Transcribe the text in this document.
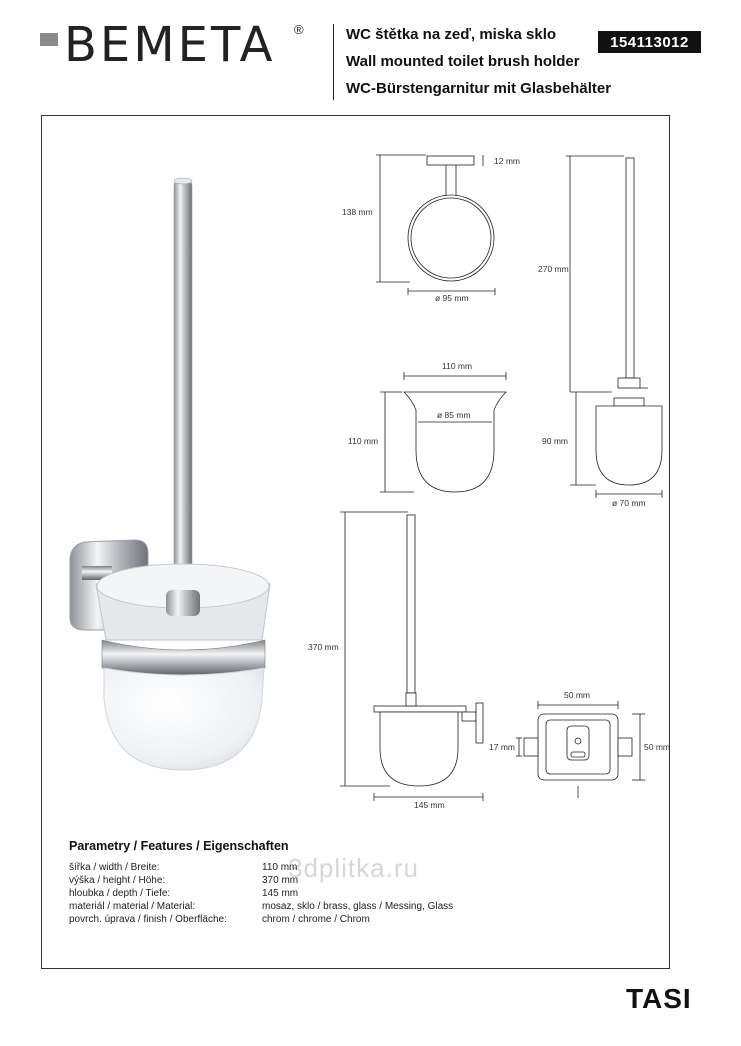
BEMETA ®	WC štětka na zeď, miska sklo
Wall mounted toilet brush holder
WC-Bürstengarnitur mit Glasbehälter
154113012
138 mm
12 mm
ø 95 mm
270 mm
90 mm
ø 70 mm
110 mm
ø 85 mm
110 mm
370 mm
145 mm
50 mm
50 mm
17 mm
3dplitka.ru
Parametry / Features / Eigenschaften
šířka / width / Breite:	110 mm
výška / height / Höhe:	370 mm
hloubka / depth / Tiefe:	145 mm
materiál / material / Material:	mosaz, sklo / brass, glass / Messing, Glass
povrch. úprava / finish / Oberfläche:	chrom / chrome / Chrom
TASI
